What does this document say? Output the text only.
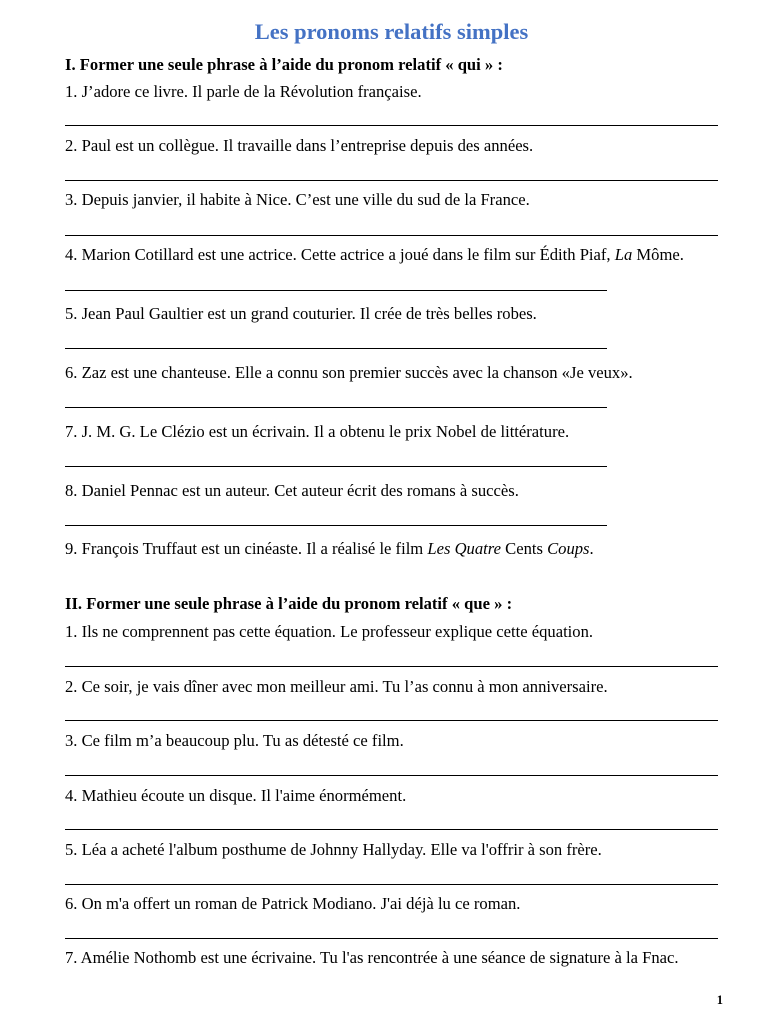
Les pronoms relatifs simples

I. Former une seule phrase à l’aide du pronom relatif « qui » :

1. J’adore ce livre. Il parle de la Révolution française.

2. Paul est un collègue. Il travaille dans l’entreprise depuis des années.

3. Depuis janvier, il habite à Nice. C’est une ville du sud de la France.

4. Marion Cotillard est une actrice. Cette actrice a joué dans le film sur Édith Piaf, La Môme.

5. Jean Paul Gaultier est un grand couturier. Il crée de très belles robes.

6. Zaz est une chanteuse. Elle a connu son premier succès avec la chanson «Je veux».

7. J. M. G. Le Clézio est un écrivain. Il a obtenu le prix Nobel de littérature.

8. Daniel Pennac est un auteur. Cet auteur écrit des romans à succès.

9. François Truffaut est un cinéaste. Il a réalisé le film Les Quatre Cents Coups.

II. Former une seule phrase à l’aide du pronom relatif « que » :

1. Ils ne comprennent pas cette équation. Le professeur explique cette équation.

2. Ce soir, je vais dîner avec mon meilleur ami. Tu l’as connu à mon anniversaire.

3. Ce film m’a beaucoup plu. Tu as détesté ce film.

4. Mathieu écoute un disque. Il l'aime énormément.

5. Léa a acheté l'album posthume de Johnny Hallyday. Elle va l'offrir à son frère.

6. On m'a offert un roman de Patrick Modiano. J'ai déjà lu ce roman.

7. Amélie Nothomb est une écrivaine. Tu l'as rencontrée à une séance de signature à la Fnac.

1
